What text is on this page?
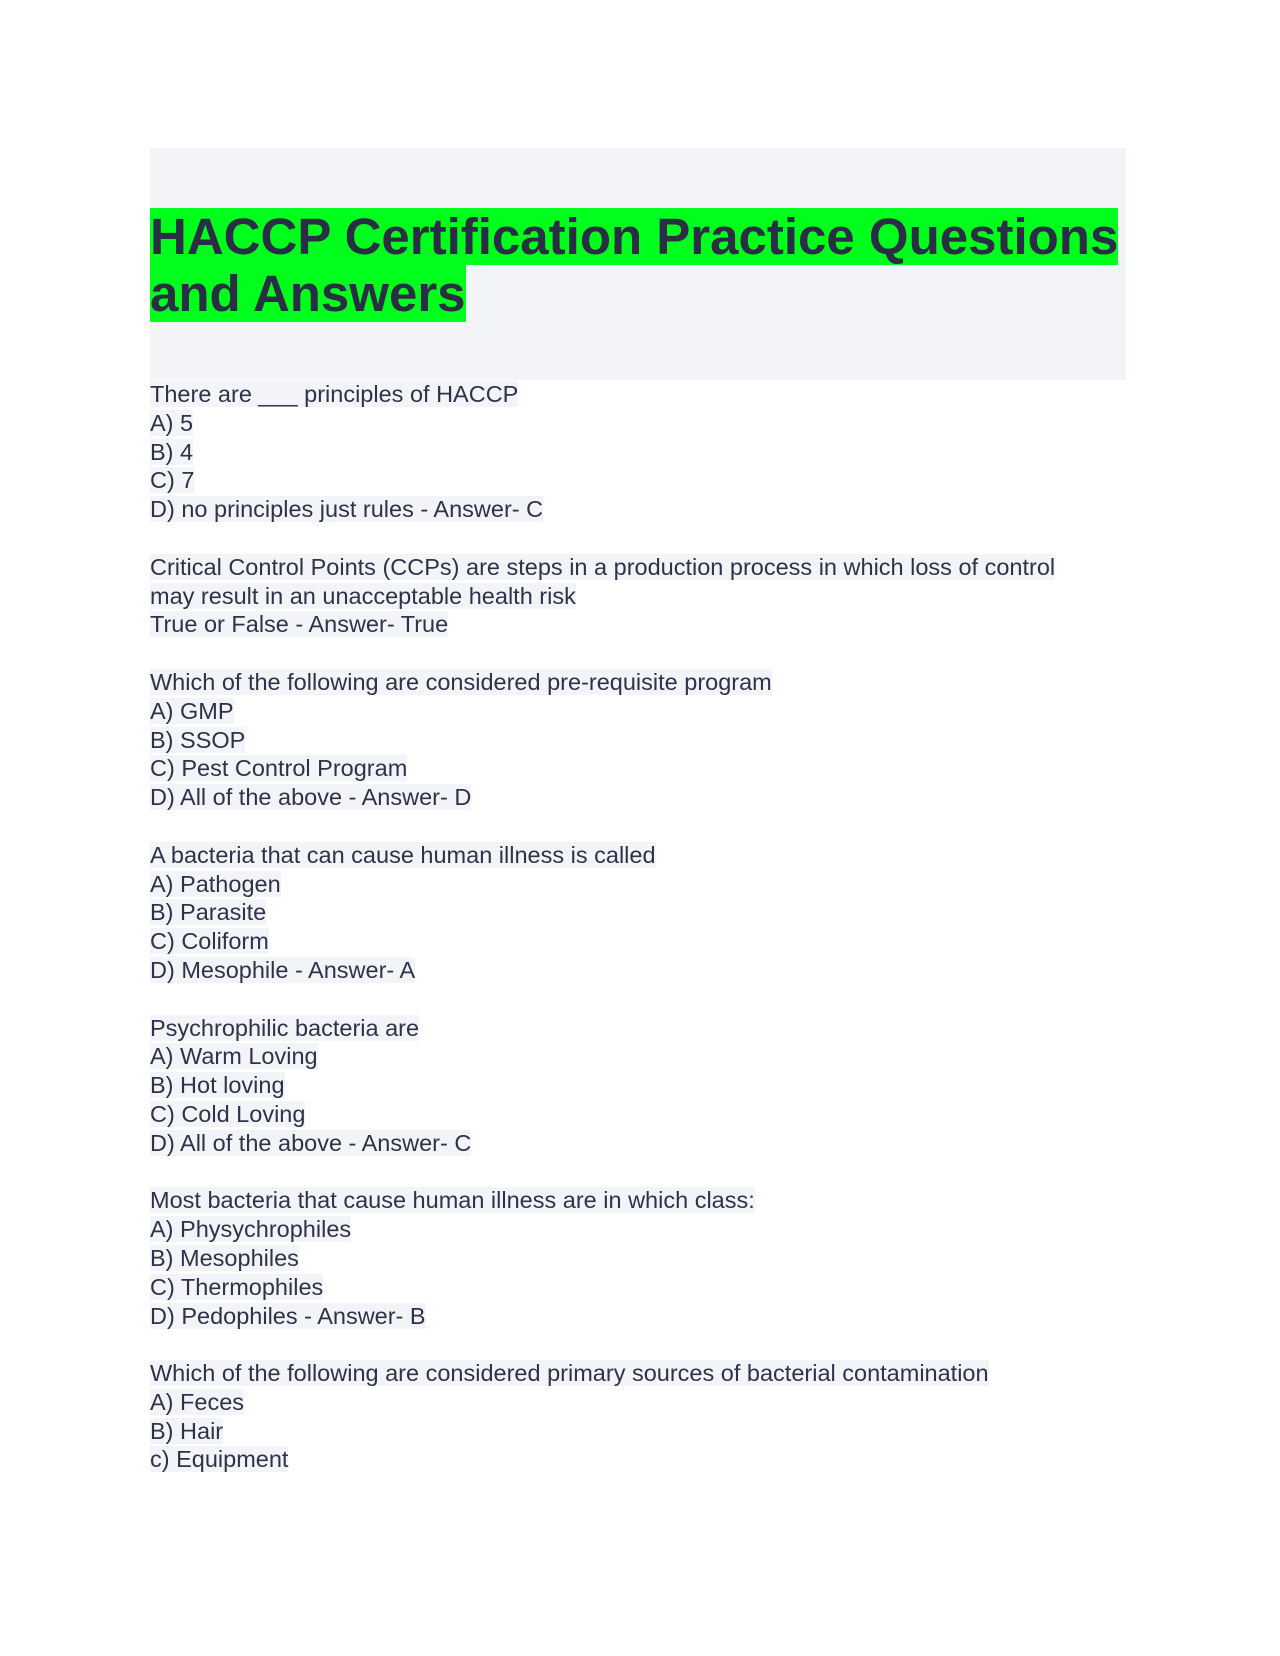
HACCP Certification Practice Questions and Answers
There are ___ principles of HACCP
A) 5
B) 4
C) 7
D) no principles just rules - Answer- C
Critical Control Points (CCPs) are steps in a production process in which loss of control
may result in an unacceptable health risk
True or False - Answer- True
Which of the following are considered pre-requisite program
A) GMP
B) SSOP
C) Pest Control Program
D) All of the above - Answer- D
A bacteria that can cause human illness is called
A) Pathogen
B) Parasite
C) Coliform
D) Mesophile - Answer- A
Psychrophilic bacteria are
A) Warm Loving
B) Hot loving
C) Cold Loving
D) All of the above - Answer- C
Most bacteria that cause human illness are in which class:
A) Physychrophiles
B) Mesophiles
C) Thermophiles
D) Pedophiles - Answer- B
Which of the following are considered primary sources of bacterial contamination
A) Feces
B) Hair
c) Equipment
